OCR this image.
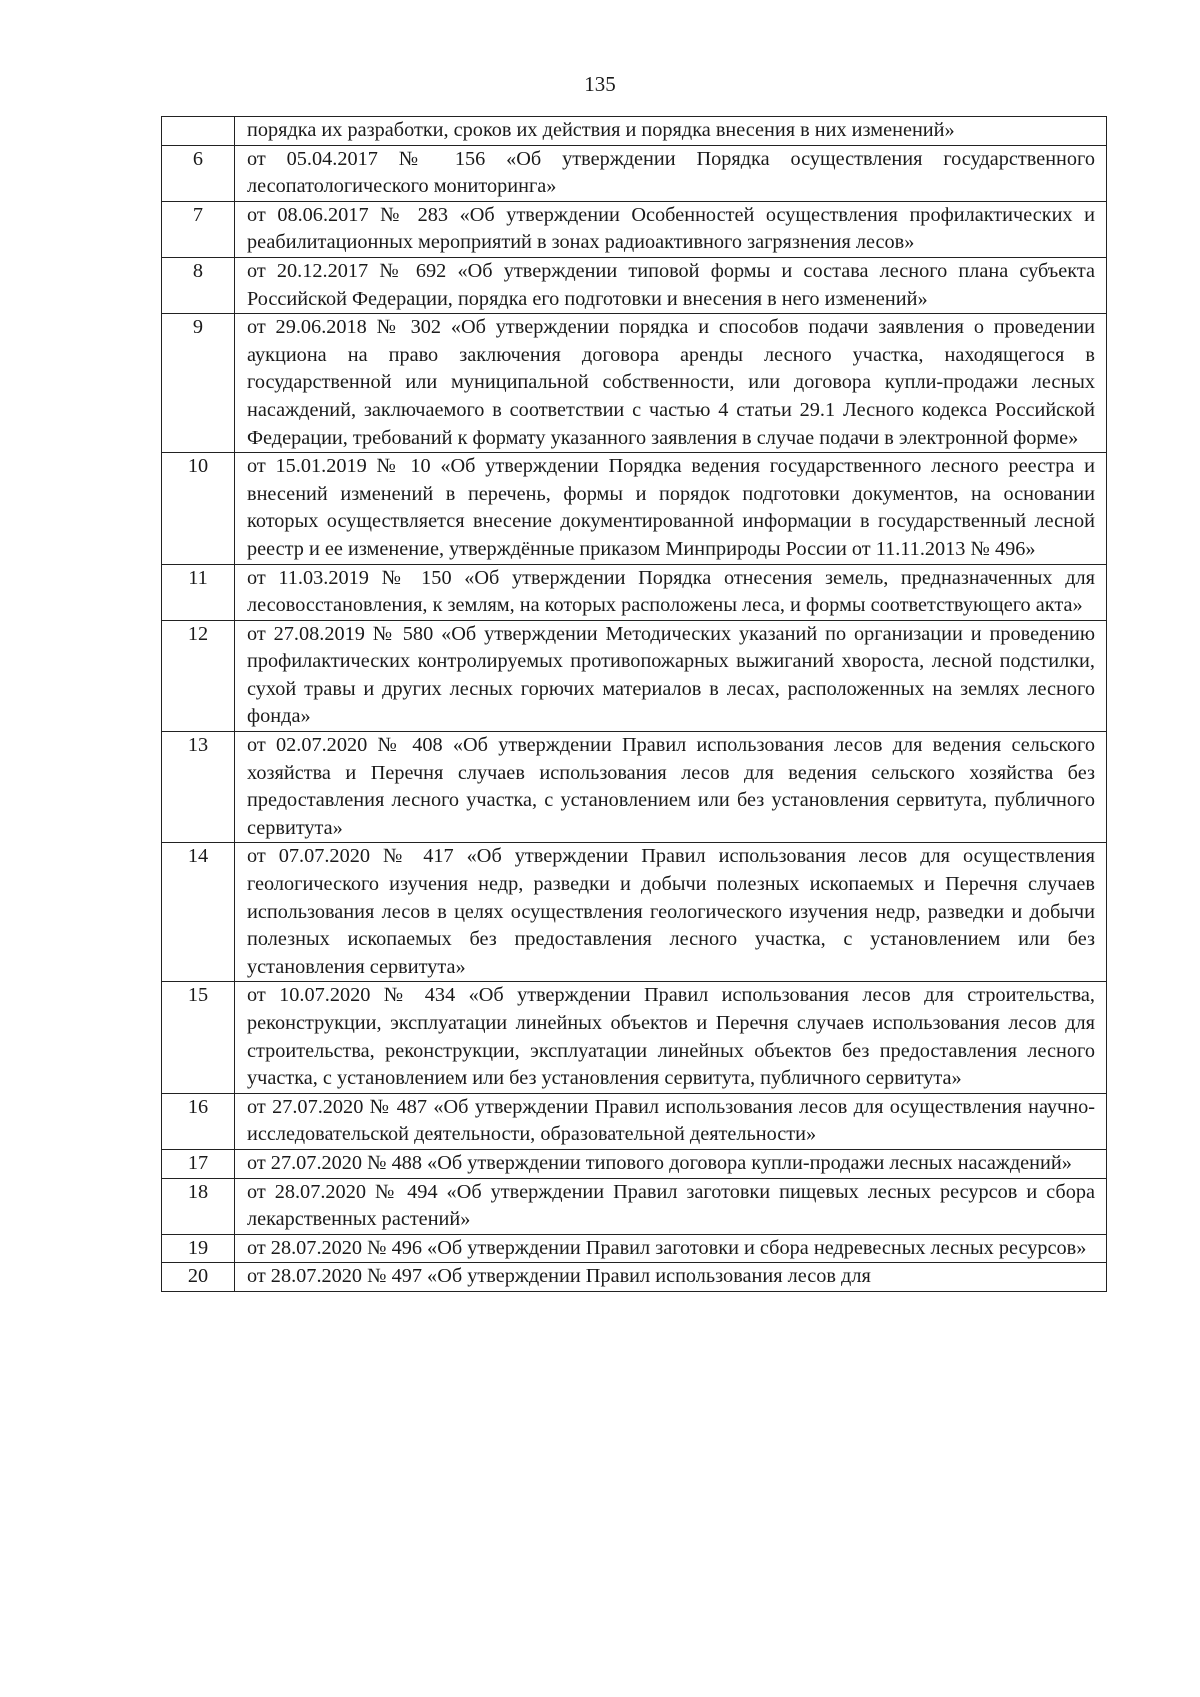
135
	порядка их разработки, сроков их действия и порядка внесения в них изменений»
6	от 05.04.2017 № 156 «Об утверждении Порядка осуществления государственного лесопатологического мониторинга»
7	от 08.06.2017 № 283 «Об утверждении Особенностей осуществления профилактических и реабилитационных мероприятий в зонах радиоактивного загрязнения лесов»
8	от 20.12.2017 № 692 «Об утверждении типовой формы и состава лесного плана субъекта Российской Федерации, порядка его подготовки и внесения в него изменений»
9	от 29.06.2018 № 302 «Об утверждении порядка и способов подачи заявления о проведении аукциона на право заключения договора аренды лесного участка, находящегося в государственной или муниципальной собственности, или договора купли-продажи лесных насаждений, заключаемого в соответствии с частью 4 статьи 29.1 Лесного кодекса Российской Федерации, требований к формату указанного заявления в случае подачи в электронной форме»
10	от 15.01.2019 № 10 «Об утверждении Порядка ведения государственного лесного реестра и внесений изменений в перечень, формы и порядок подготовки документов, на основании которых осуществляется внесение документированной информации в государственный лесной реестр и ее изменение, утверждённые приказом Минприроды России от 11.11.2013 № 496»
11	от 11.03.2019 № 150 «Об утверждении Порядка отнесения земель, предназначенных для лесовосстановления, к землям, на которых расположены леса, и формы соответствующего акта»
12	от 27.08.2019 № 580 «Об утверждении Методических указаний по организации и проведению профилактических контролируемых противопожарных выжиганий хвороста, лесной подстилки, сухой травы и других лесных горючих материалов в лесах, расположенных на землях лесного фонда»
13	от 02.07.2020 № 408 «Об утверждении Правил использования лесов для ведения сельского хозяйства и Перечня случаев использования лесов для ведения сельского хозяйства без предоставления лесного участка, с установлением или без установления сервитута, публичного сервитута»
14	от 07.07.2020 № 417 «Об утверждении Правил использования лесов для осуществления геологического изучения недр, разведки и добычи полезных ископаемых и Перечня случаев использования лесов в целях осуществления геологического изучения недр, разведки и добычи полезных ископаемых без предоставления лесного участка, с установлением или без установления сервитута»
15	от 10.07.2020 № 434 «Об утверждении Правил использования лесов для строительства, реконструкции, эксплуатации линейных объектов и Перечня случаев использования лесов для строительства, реконструкции, эксплуатации линейных объектов без предоставления лесного участка, с установлением или без установления сервитута, публичного сервитута»
16	от 27.07.2020 № 487 «Об утверждении Правил использования лесов для осуществления научно-исследовательской деятельности, образовательной деятельности»
17	от 27.07.2020 № 488 «Об утверждении типового договора купли-продажи лесных насаждений»
18	от 28.07.2020 № 494 «Об утверждении Правил заготовки пищевых лесных ресурсов и сбора лекарственных растений»
19	от 28.07.2020 № 496 «Об утверждении Правил заготовки и сбора недревесных лесных ресурсов»
20	от 28.07.2020 № 497 «Об утверждении Правил использования лесов для
